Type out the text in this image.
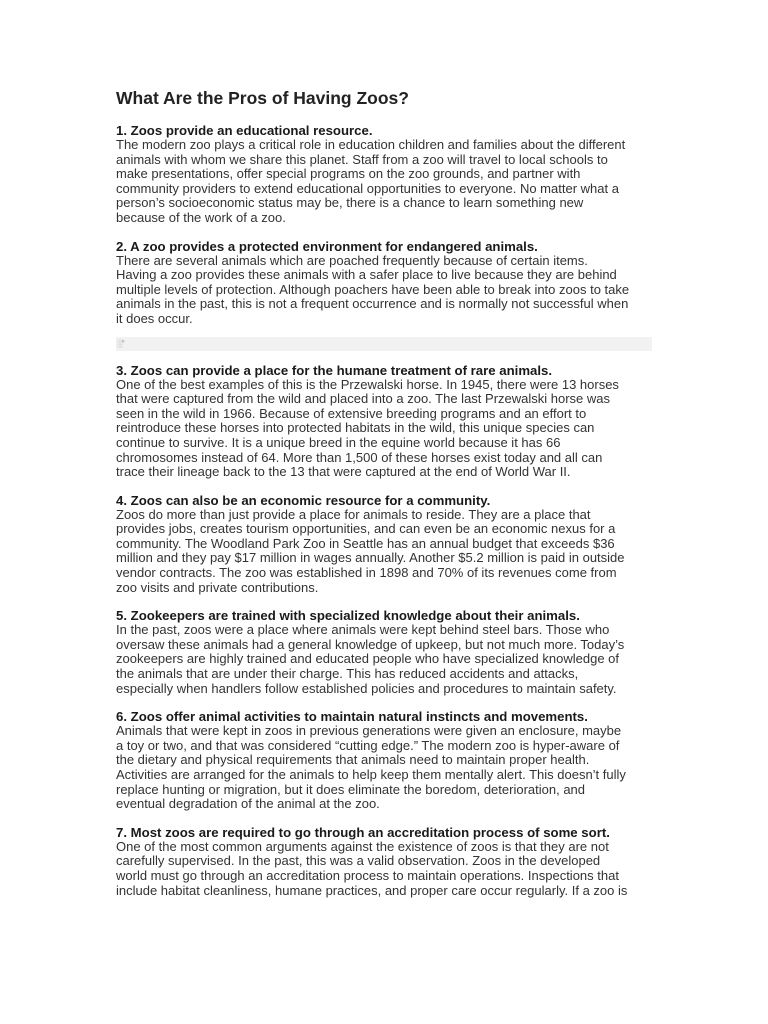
What Are the Pros of Having Zoos?
1. Zoos provide an educational resource.
The modern zoo plays a critical role in education children and families about the different
animals with whom we share this planet. Staff from a zoo will travel to local schools to
make presentations, offer special programs on the zoo grounds, and partner with
community providers to extend educational opportunities to everyone. No matter what a
person’s socioeconomic status may be, there is a chance to learn something new
because of the work of a zoo.
2. A zoo provides a protected environment for endangered animals.
There are several animals which are poached frequently because of certain items.
Having a zoo provides these animals with a safer place to live because they are behind
multiple levels of protection. Although poachers have been able to break into zoos to take
animals in the past, this is not a frequent occurrence and is normally not successful when
it does occur.
░°
3. Zoos can provide a place for the humane treatment of rare animals.
One of the best examples of this is the Przewalski horse. In 1945, there were 13 horses
that were captured from the wild and placed into a zoo. The last Przewalski horse was
seen in the wild in 1966. Because of extensive breeding programs and an effort to
reintroduce these horses into protected habitats in the wild, this unique species can
continue to survive. It is a unique breed in the equine world because it has 66
chromosomes instead of 64. More than 1,500 of these horses exist today and all can
trace their lineage back to the 13 that were captured at the end of World War II.
4. Zoos can also be an economic resource for a community.
Zoos do more than just provide a place for animals to reside. They are a place that
provides jobs, creates tourism opportunities, and can even be an economic nexus for a
community. The Woodland Park Zoo in Seattle has an annual budget that exceeds $36
million and they pay $17 million in wages annually. Another $5.2 million is paid in outside
vendor contracts. The zoo was established in 1898 and 70% of its revenues come from
zoo visits and private contributions.
5. Zookeepers are trained with specialized knowledge about their animals.
In the past, zoos were a place where animals were kept behind steel bars. Those who
oversaw these animals had a general knowledge of upkeep, but not much more. Today’s
zookeepers are highly trained and educated people who have specialized knowledge of
the animals that are under their charge. This has reduced accidents and attacks,
especially when handlers follow established policies and procedures to maintain safety.
6. Zoos offer animal activities to maintain natural instincts and movements.
Animals that were kept in zoos in previous generations were given an enclosure, maybe
a toy or two, and that was considered “cutting edge.” The modern zoo is hyper-aware of
the dietary and physical requirements that animals need to maintain proper health.
Activities are arranged for the animals to help keep them mentally alert. This doesn’t fully
replace hunting or migration, but it does eliminate the boredom, deterioration, and
eventual degradation of the animal at the zoo.
7. Most zoos are required to go through an accreditation process of some sort.
One of the most common arguments against the existence of zoos is that they are not
carefully supervised. In the past, this was a valid observation. Zoos in the developed
world must go through an accreditation process to maintain operations. Inspections that
include habitat cleanliness, humane practices, and proper care occur regularly. If a zoo is
